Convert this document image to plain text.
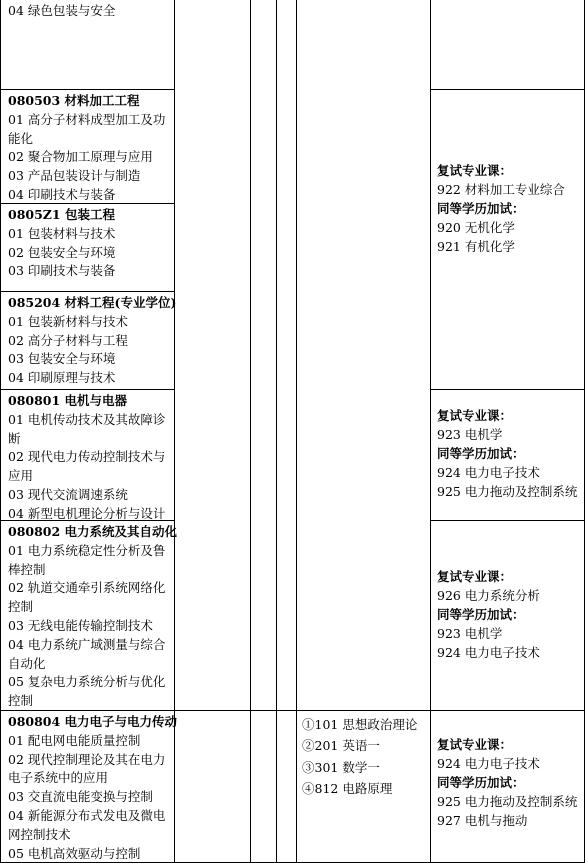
04 绿色包装与安全
080503 材料加工工程
01 高分子材料成型加工及功
能化
02 聚合物加工原理与应用
03 产品包装设计与制造
04 印刷技术与装备
0805Z1 包装工程
01 包装材料与技术
02 包装安全与环境
03 印刷技术与装备
085204 材料工程(专业学位)
01 包装新材料与技术
02 高分子材料与工程
03 包装安全与环境
04 印刷原理与技术
080801 电机与电器
01 电机传动技术及其故障诊
断
02 现代电力传动控制技术与
应用
03 现代交流调速系统
04 新型电机理论分析与设计
080802 电力系统及其自动化
01 电力系统稳定性分析及鲁
棒控制
02 轨道交通牵引系统网络化
控制
03 无线电能传输控制技术
04 电力系统广域测量与综合
自动化
05 复杂电力系统分析与优化
控制
080804 电力电子与电力传动
01 配电网电能质量控制
02 现代控制理论及其在电力
电子系统中的应用
03 交直流电能变换与控制
04 新能源分布式发电及微电
网控制技术
05 电机高效驱动与控制
①101 思想政治理论
②201 英语一
③301 数学一
④812 电路原理
复试专业课：
922 材料加工专业综合
同等学历加试：
920 无机化学
921 有机化学
复试专业课：
923 电机学
同等学历加试：
924 电力电子技术
925 电力拖动及控制系统
复试专业课：
926 电力系统分析
同等学历加试：
923 电机学
924 电力电子技术
复试专业课：
924 电力电子技术
同等学历加试：
925 电力拖动及控制系统
927 电机与拖动
